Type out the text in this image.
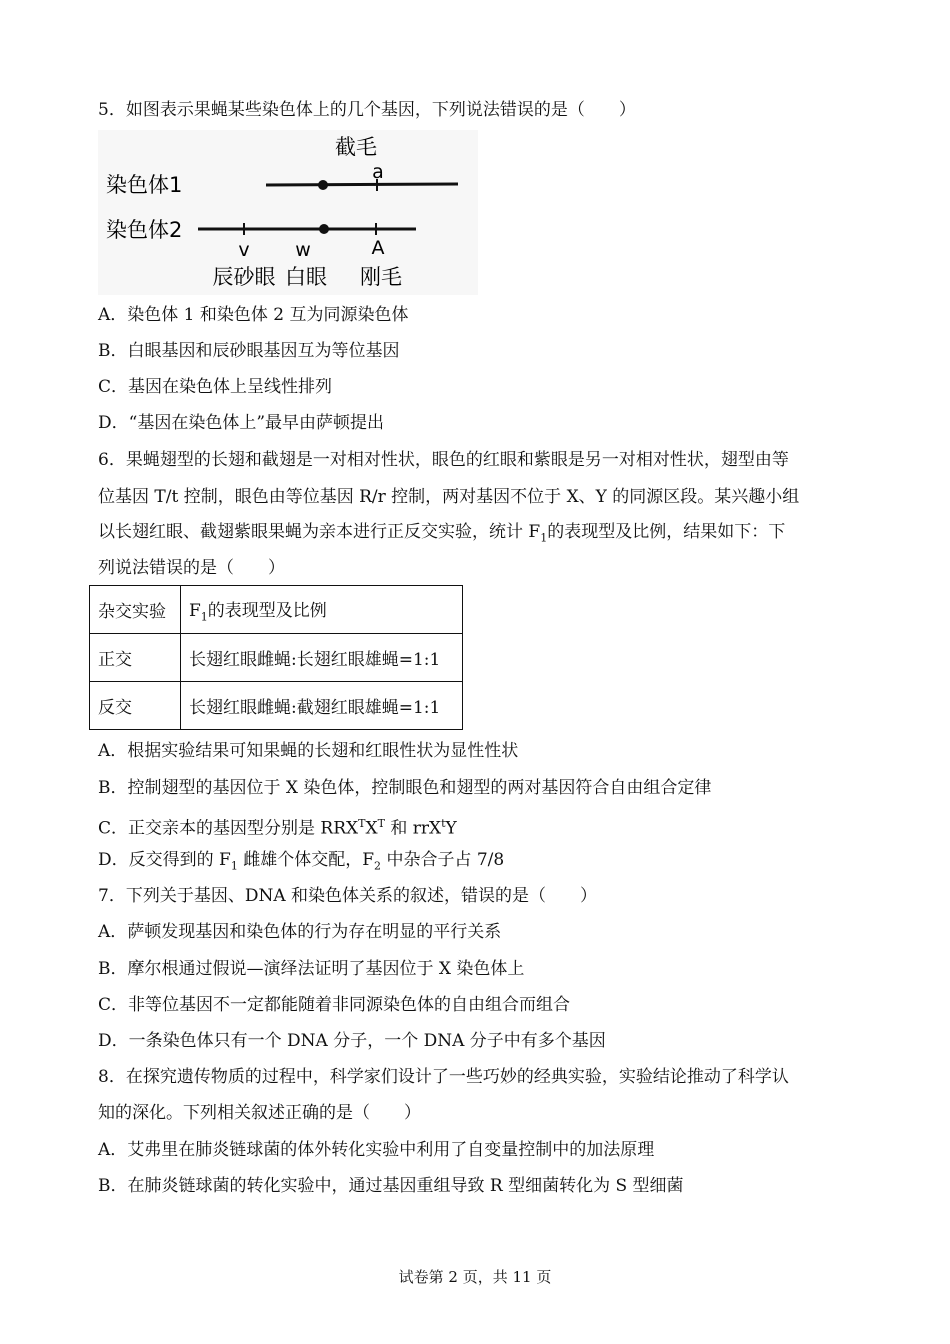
5．如图表示果蝇某些染色体上的几个基因，下列说法错误的是（　　）
截毛
a
染色体1
染色体2
v w	A
辰砂眼 白眼 刚毛
A．染色体 1 和染色体 2 互为同源染色体
B．白眼基因和辰砂眼基因互为等位基因
C．基因在染色体上呈线性排列
D．“基因在染色体上”最早由萨顿提出
6．果蝇翅型的长翅和截翅是一对相对性状，眼色的红眼和紫眼是另一对相对性状，翅型由等
位基因 T/t 控制，眼色由等位基因 R/r 控制，两对基因不位于 X、Y 的同源区段。某兴趣小组
以长翅红眼、截翅紫眼果蝇为亲本进行正反交实验，统计 $F_1$的表现型及比例，结果如下：下
列说法错误的是（　　）
杂交实验	$F_1$的表现型及比例
正交	长翅红眼雌蝇:长翅红眼雄蝇=1:1
反交	长翅红眼雌蝇:截翅红眼雄蝇=1:1
A．根据实验结果可知果蝇的长翅和红眼性状为显性性状
B．控制翅型的基因位于 X 染色体，控制眼色和翅型的两对基因符合自由组合定律
C．正交亲本的基因型分别是 $RRX^TX^T$ 和 rrX$^t$Y
D．反交得到的 $F_1$ 雌雄个体交配，$F_2$ 中杂合子占 7/8
7．下列关于基因、DNA 和染色体关系的叙述，错误的是（　　）
A．萨顿发现基因和染色体的行为存在明显的平行关系
B．摩尔根通过假说—演绎法证明了基因位于 X 染色体上
C．非等位基因不一定都能随着非同源染色体的自由组合而组合
D．一条染色体只有一个 DNA 分子，一个 DNA 分子中有多个基因
8．在探究遗传物质的过程中，科学家们设计了一些巧妙的经典实验，实验结论推动了科学认
知的深化。下列相关叙述正确的是（　　）
A．艾弗里在肺炎链球菌的体外转化实验中利用了自变量控制中的加法原理
B．在肺炎链球菌的转化实验中，通过基因重组导致 R 型细菌转化为 S 型细菌
试卷第 2 页，共 11 页
